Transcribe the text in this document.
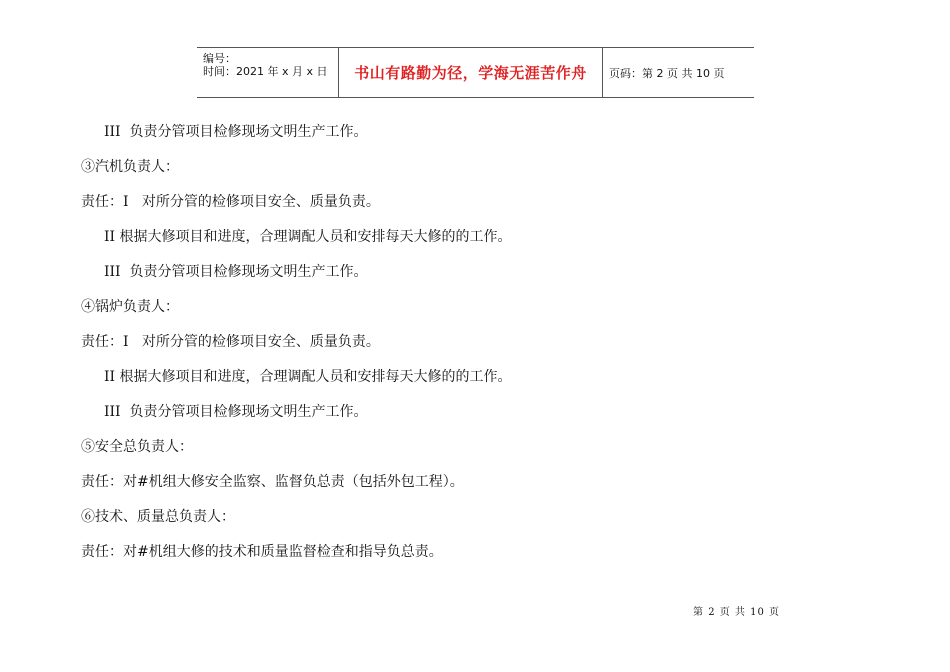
编号：
时间：2021 年 x 月 x 日	书山有路勤为径，学海无涯苦作舟 页码：第 2 页 共 10 页
III  负责分管项目检修现场文明生产工作。
③汽机负责人：
责任：I   对所分管的检修项目安全、质量负责。
II 根据大修项目和进度，合理调配人员和安排每天大修的的工作。
III  负责分管项目检修现场文明生产工作。
④锅炉负责人：
责任：I   对所分管的检修项目安全、质量负责。
II 根据大修项目和进度，合理调配人员和安排每天大修的的工作。
III  负责分管项目检修现场文明生产工作。
⑤安全总负责人：
责任：对#机组大修安全监察、监督负总责（包括外包工程）。
⑥技术、质量总负责人：
责任：对#机组大修的技术和质量监督检查和指导负总责。
第 2 页 共 10 页
